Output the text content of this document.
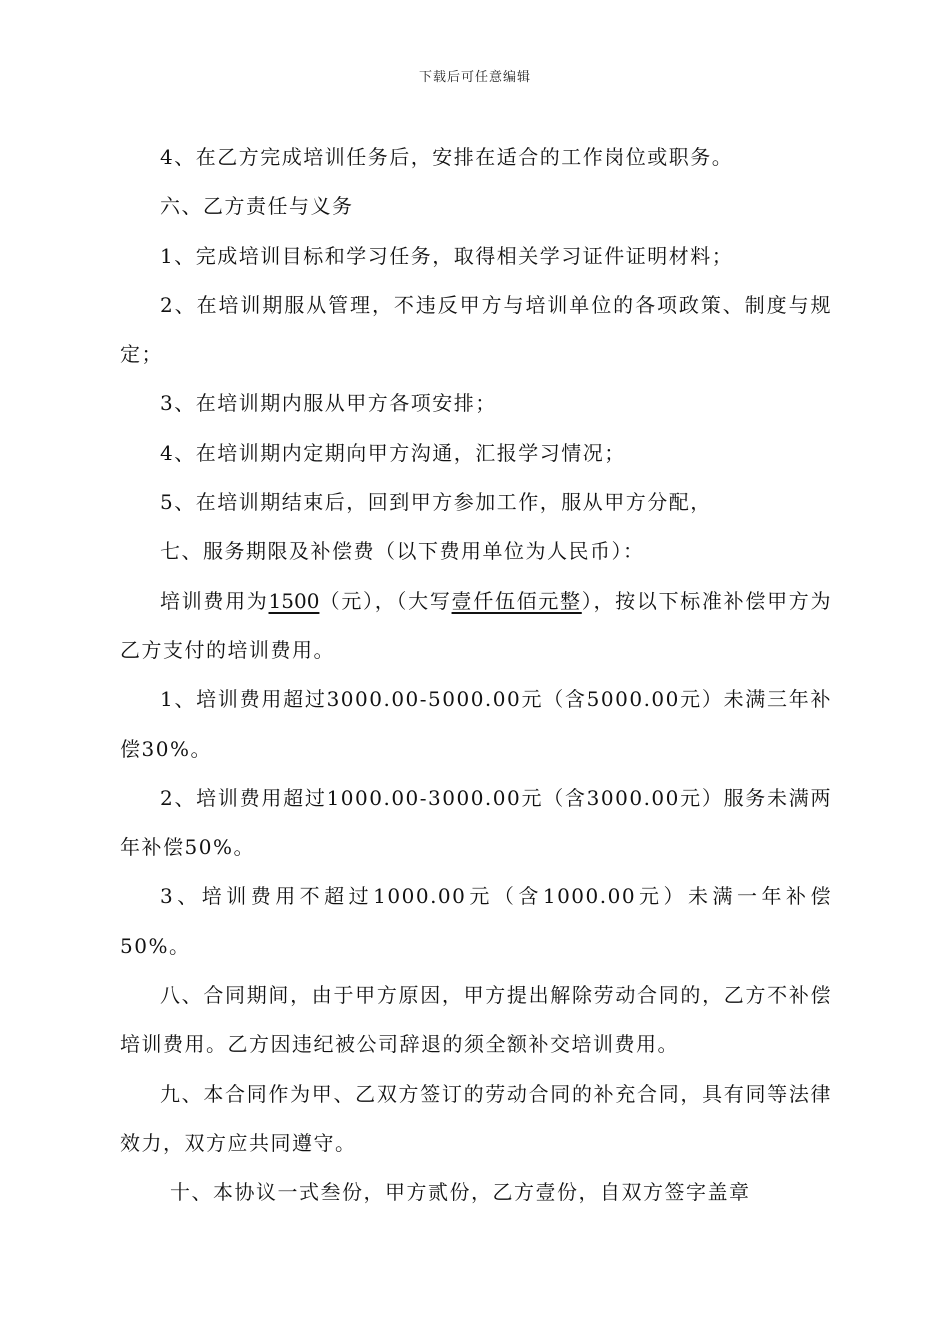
下载后可任意编辑

4、在乙方完成培训任务后，安排在适合的工作岗位或职务。

六、乙方责任与义务

1、完成培训目标和学习任务，取得相关学习证件证明材料；

2、在培训期服从管理，不违反甲方与培训单位的各项政策、制度与规定；

3、在培训期内服从甲方各项安排；

4、在培训期内定期向甲方沟通，汇报学习情况；

5、在培训期结束后，回到甲方参加工作，服从甲方分配，

七、服务期限及补偿费（以下费用单位为人民币）：

培训费用为1500（元），（大写壹仟伍佰元整），按以下标准补偿甲方为乙方支付的培训费用。

1、培训费用超过3000.00-5000.00元（含5000.00元）未满三年补偿30%。

2、培训费用超过1000.00-3000.00元（含3000.00元）服务未满两年补偿50%。

3、培训费用不超过1000.00元（含1000.00元）未满一年补偿50%。

八、合同期间，由于甲方原因，甲方提出解除劳动合同的，乙方不补偿培训费用。乙方因违纪被公司辞退的须全额补交培训费用。

九、本合同作为甲、乙双方签订的劳动合同的补充合同，具有同等法律效力，双方应共同遵守。

十、本协议一式叁份，甲方贰份，乙方壹份，自双方签字盖章
